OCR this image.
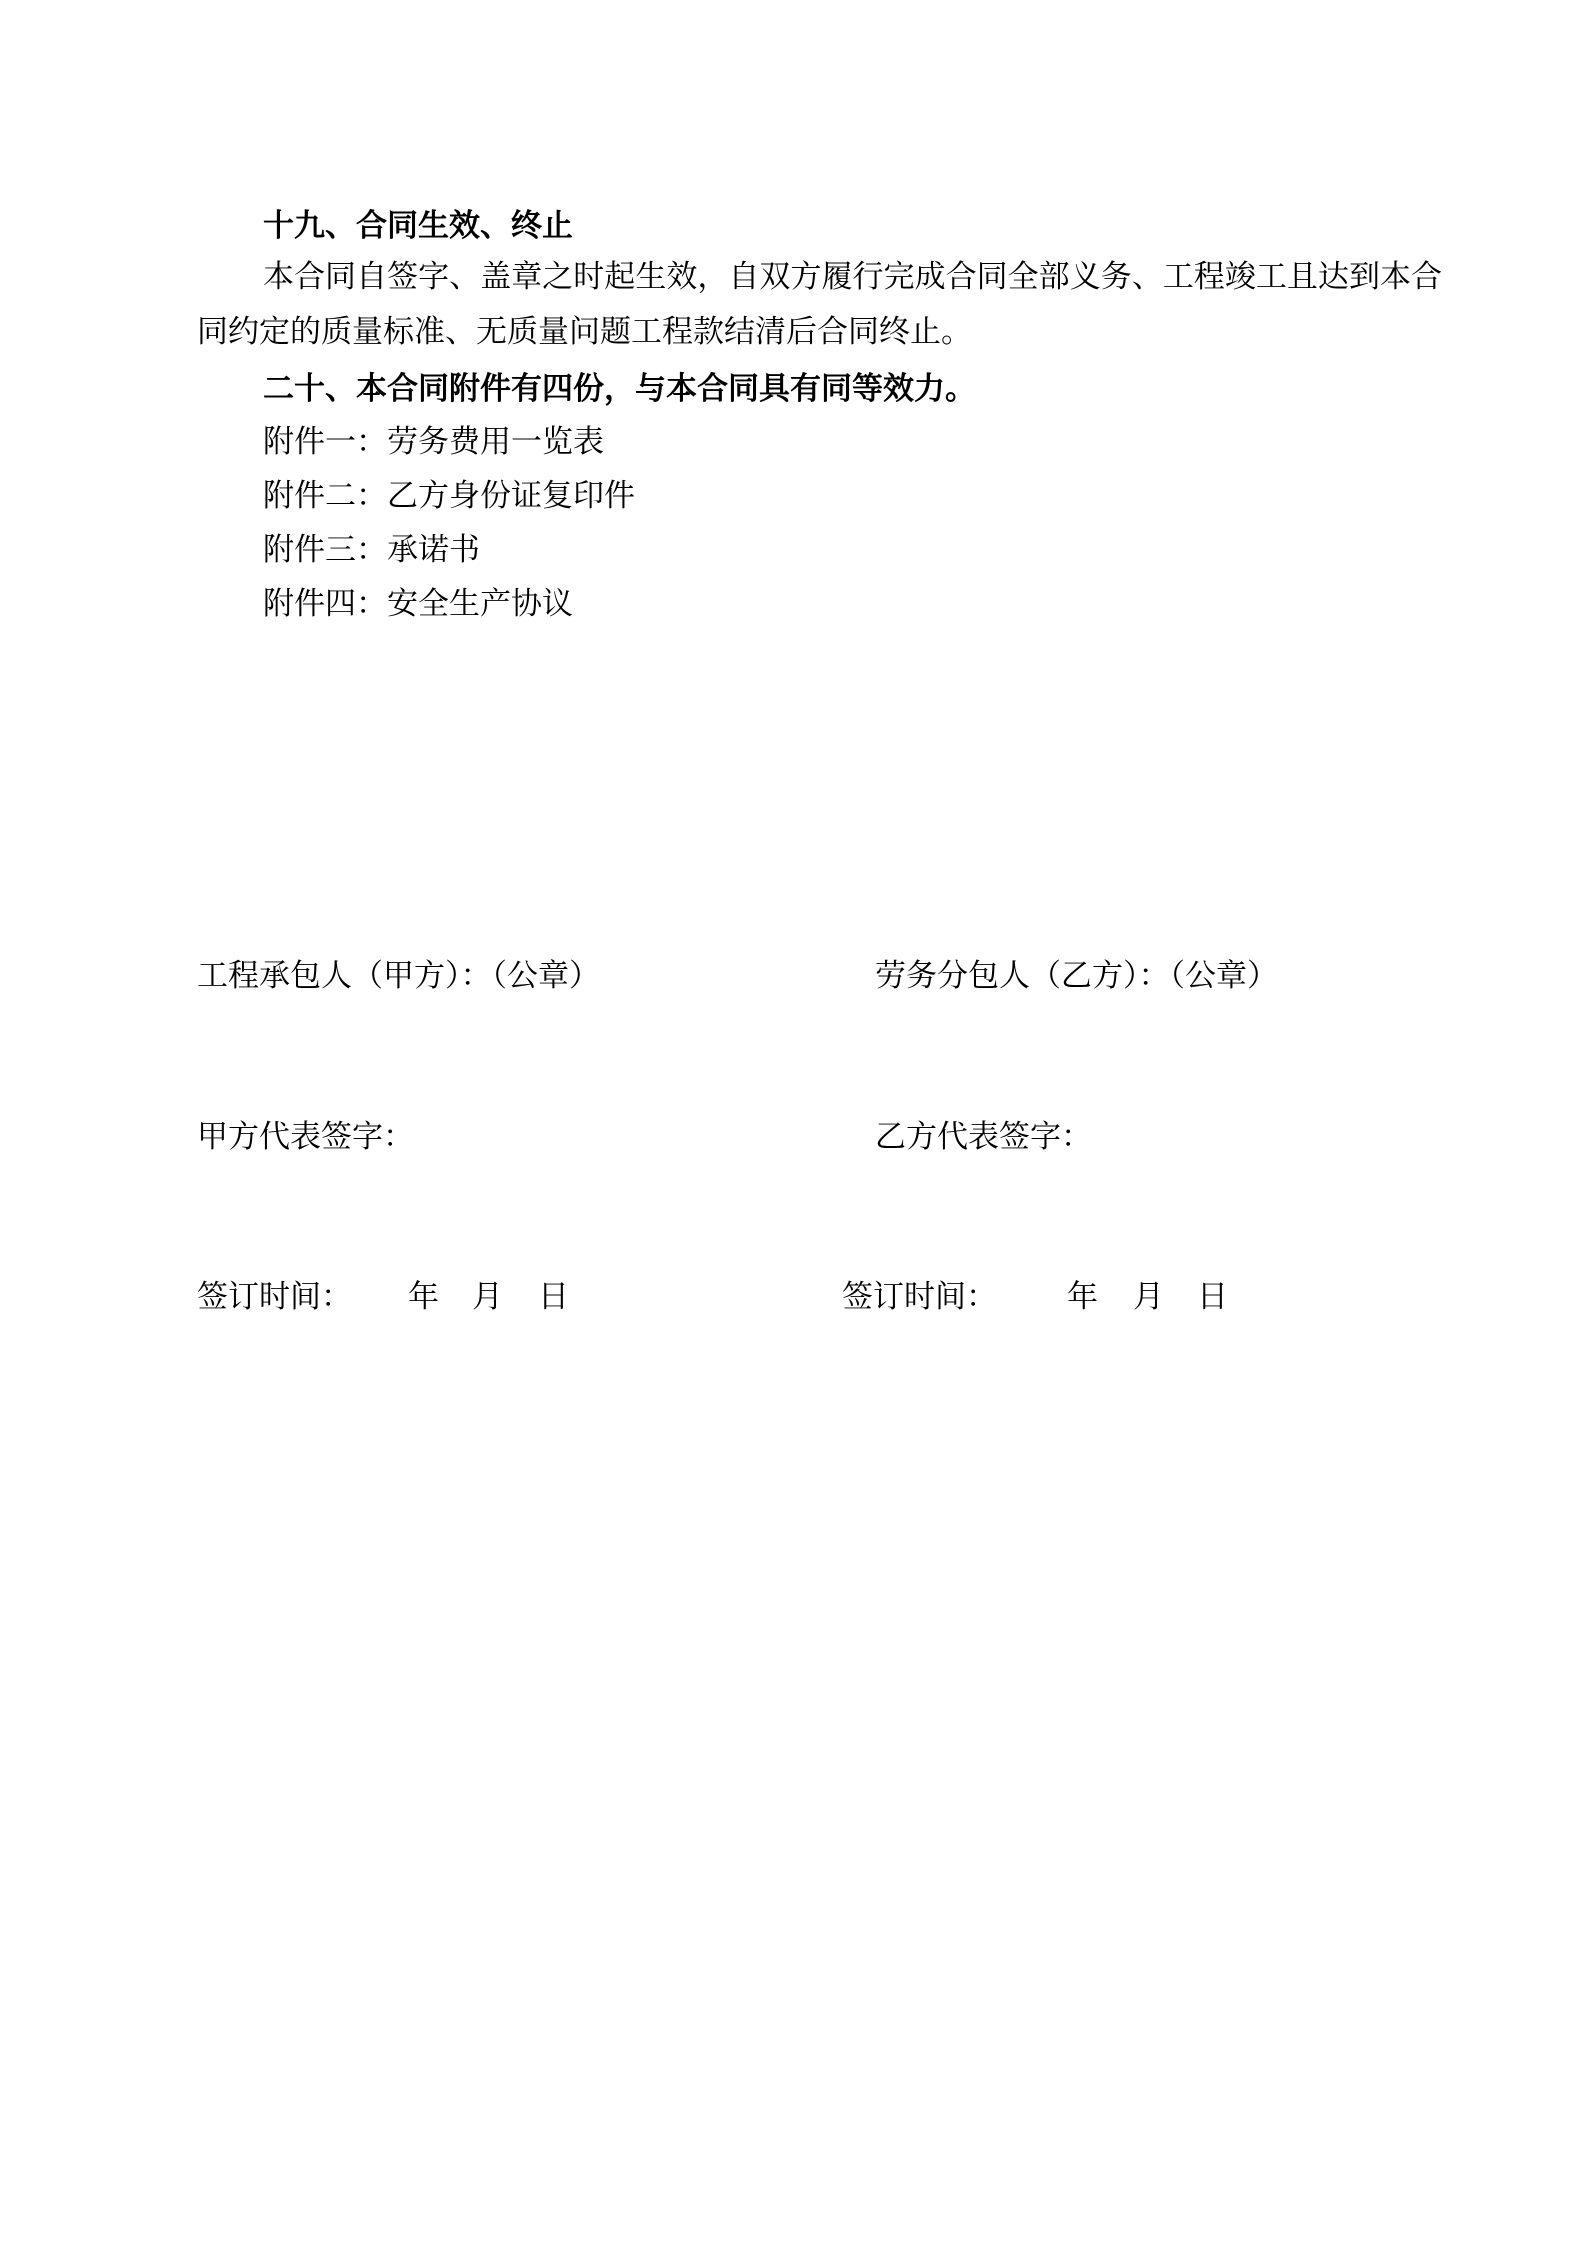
十九、合同生效、终止
本合同自签字、盖章之时起生效，自双方履行完成合同全部义务、工程竣工且达到本合同约定的质量标准、无质量问题工程款结清后合同终止。
二十、本合同附件有四份，与本合同具有同等效力。
附件一：劳务费用一览表
附件二：乙方身份证复印件
附件三：承诺书
附件四：安全生产协议
工程承包人（甲方）：（公章）	劳务分包人（乙方）：（公章）
甲方代表签字：	乙方代表签字：
签订时间： 年 月 日	签订时间： 年 月 日
